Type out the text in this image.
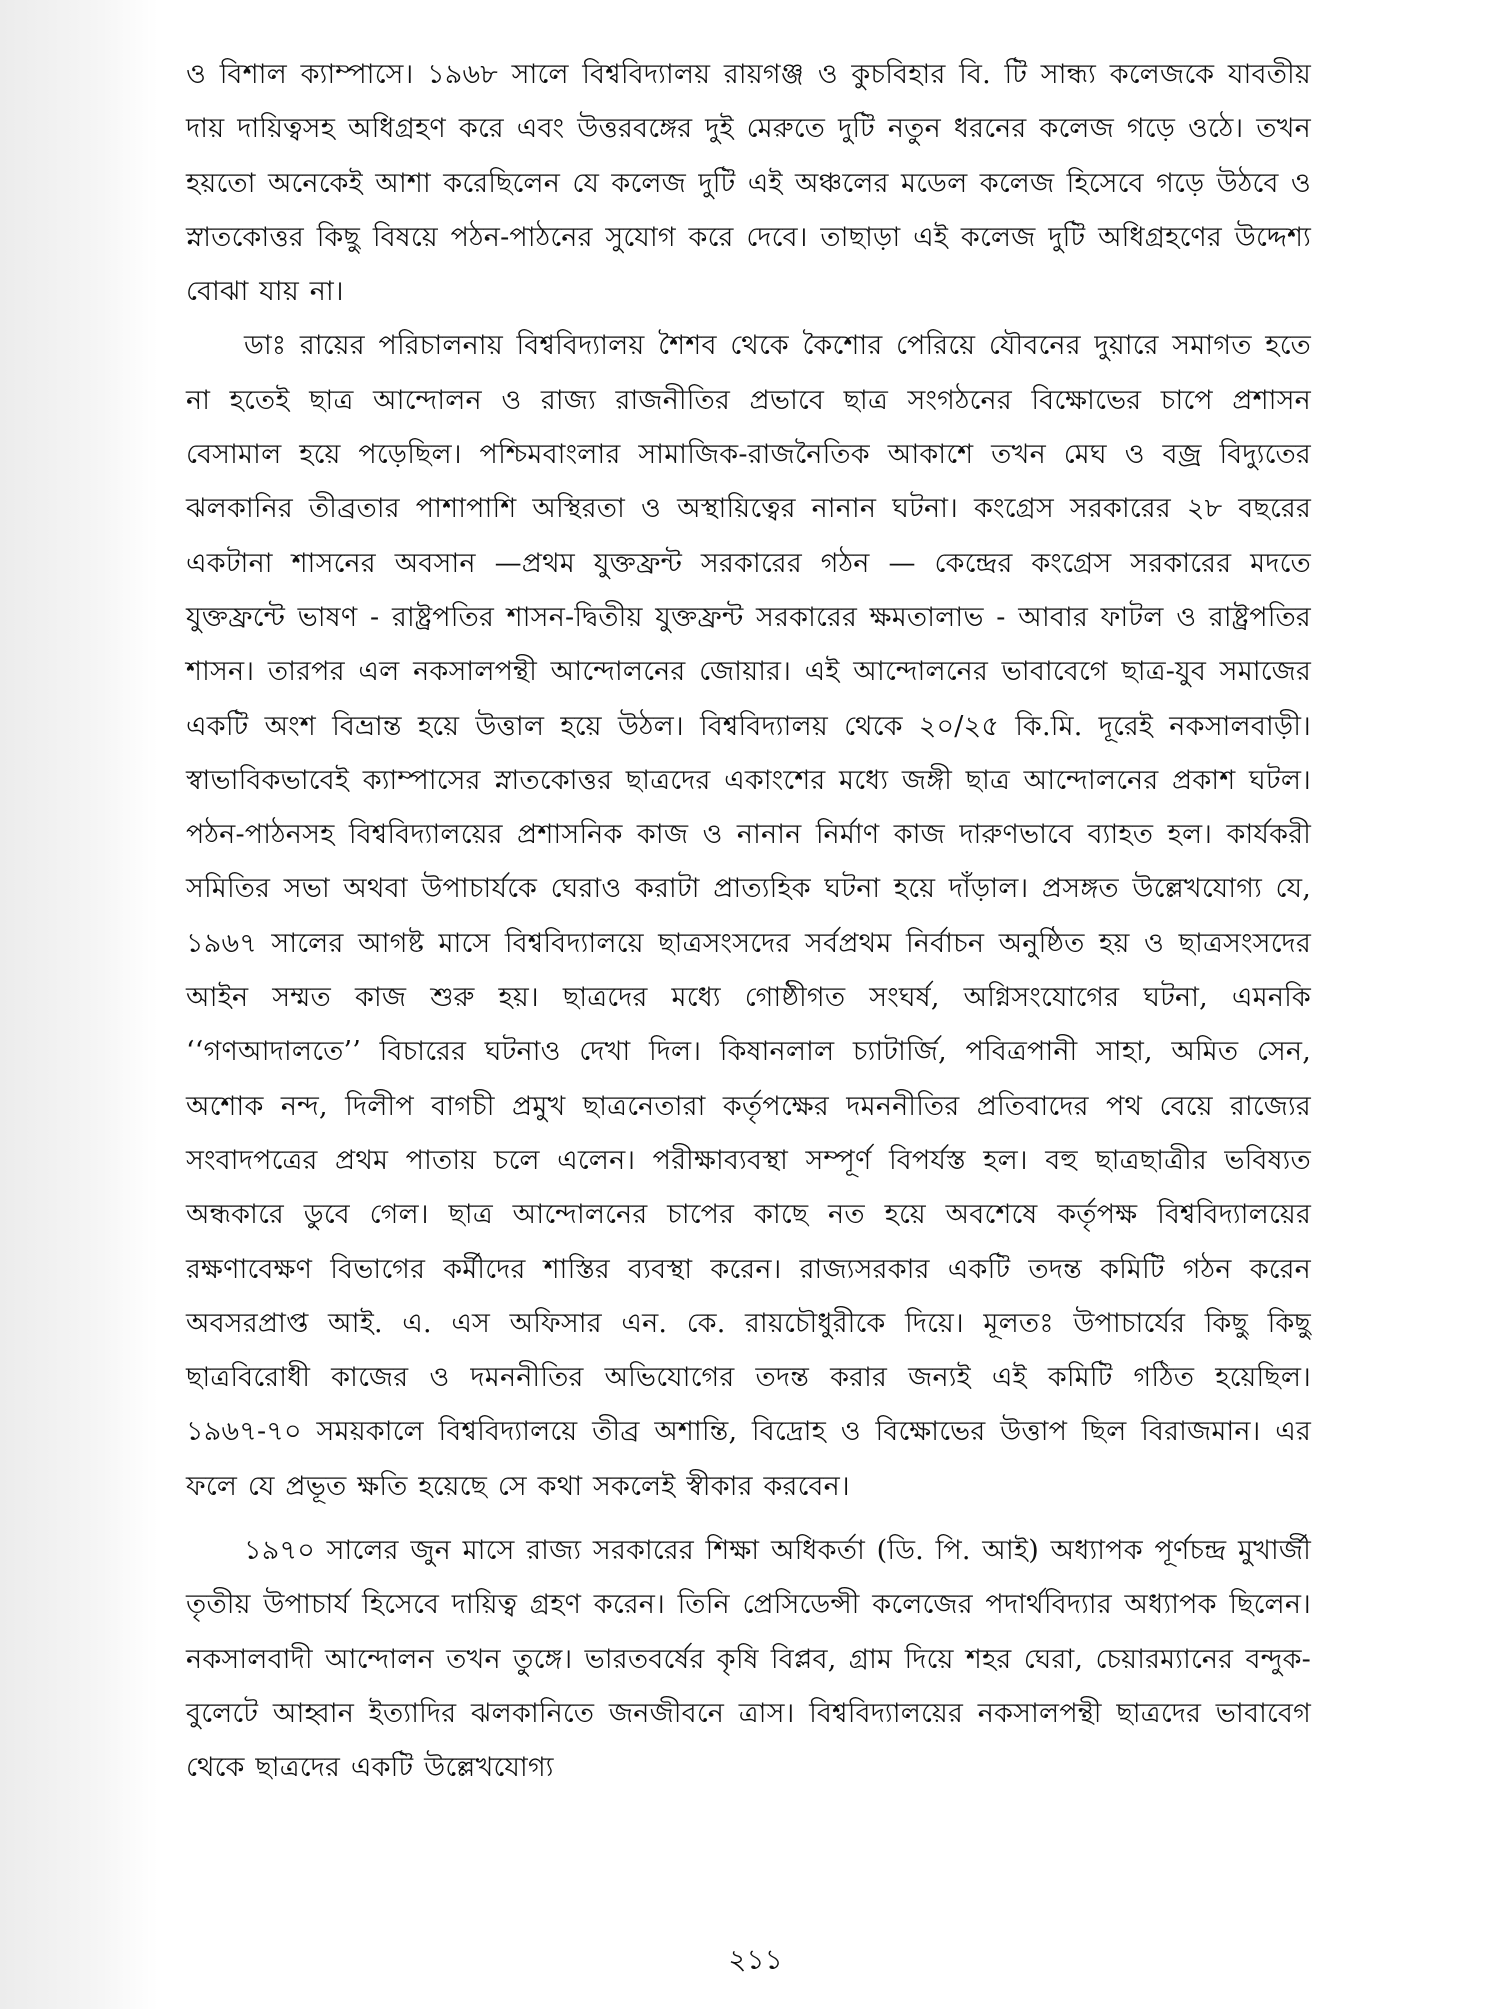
ও বিশাল ক্যাম্পাসে। ১৯৬৮ সালে বিশ্ববিদ্যালয় রায়গঞ্জ ও কুচবিহার বি. টি সান্ধ্য কলেজকে যাবতীয় দায় দায়িত্বসহ অধিগ্রহণ করে এবং উত্তরবঙ্গের দুই মেরুতে দুটি নতুন ধরনের কলেজ গড়ে ওঠে। তখন হয়তো অনেকেই আশা করেছিলেন যে কলেজ দুটি এই অঞ্চলের মডেল কলেজ হিসেবে গড়ে উঠবে ও স্নাতকোত্তর কিছু বিষয়ে পঠন-পাঠনের সুযোগ করে দেবে। তাছাড়া এই কলেজ দুটি অধিগ্রহণের উদ্দেশ্য বোঝা যায় না।

ডাঃ রায়ের পরিচালনায় বিশ্ববিদ্যালয় শৈশব থেকে কৈশোর পেরিয়ে যৌবনের দুয়ারে সমাগত হতে না হতেই ছাত্র আন্দোলন ও রাজ্য রাজনীতির প্রভাবে ছাত্র সংগঠনের বিক্ষোভের চাপে প্রশাসন বেসামাল হয়ে পড়েছিল। পশ্চিমবাংলার সামাজিক-রাজনৈতিক আকাশে তখন মেঘ ও বজ্র বিদ্যুতের ঝলকানির তীব্রতার পাশাপাশি অস্থিরতা ও অস্থায়িত্বের নানান ঘটনা। কংগ্রেস সরকারের ২৮ বছরের একটানা শাসনের অবসান —প্রথম যুক্তফ্রন্ট সরকারের গঠন — কেন্দ্রের কংগ্রেস সরকারের মদতে যুক্তফ্রন্টে ভাষণ - রাষ্ট্রপতির শাসন-দ্বিতীয় যুক্তফ্রন্ট সরকারের ক্ষমতালাভ - আবার ফাটল ও রাষ্ট্রপতির শাসন। তারপর এল নকসালপন্থী আন্দোলনের জোয়ার। এই আন্দোলনের ভাবাবেগে ছাত্র-যুব সমাজের একটি অংশ বিভ্রান্ত হয়ে উত্তাল হয়ে উঠল। বিশ্ববিদ্যালয় থেকে ২০/২৫ কি.মি. দূরেই নকসালবাড়ী। স্বাভাবিকভাবেই ক্যাম্পাসের স্নাতকোত্তর ছাত্রদের একাংশের মধ্যে জঙ্গী ছাত্র আন্দোলনের প্রকাশ ঘটল। পঠন-পাঠনসহ বিশ্ববিদ্যালয়ের প্রশাসনিক কাজ ও নানান নির্মাণ কাজ দারুণভাবে ব্যাহত হল। কার্যকরী সমিতির সভা অথবা উপাচার্যকে ঘেরাও করাটা প্রাত্যহিক ঘটনা হয়ে দাঁড়াল। প্রসঙ্গত উল্লেখযোগ্য যে, ১৯৬৭ সালের আগষ্ট মাসে বিশ্ববিদ্যালয়ে ছাত্রসংসদের সর্বপ্রথম নির্বাচন অনুষ্ঠিত হয় ও ছাত্রসংসদের আইন সম্মত কাজ শুরু হয়। ছাত্রদের মধ্যে গোষ্ঠীগত সংঘর্ষ, অগ্নিসংযোগের ঘটনা, এমনকি ‘‘গণআদালতে’’ বিচারের ঘটনাও দেখা দিল। কিষানলাল চ্যাটার্জি, পবিত্রপানী সাহা, অমিত সেন, অশোক নন্দ, দিলীপ বাগচী প্রমুখ ছাত্রনেতারা কর্তৃপক্ষের দমননীতির প্রতিবাদের পথ বেয়ে রাজ্যের সংবাদপত্রের প্রথম পাতায় চলে এলেন। পরীক্ষাব্যবস্থা সম্পূর্ণ বিপর্যস্ত হল। বহু ছাত্রছাত্রীর ভবিষ্যত অন্ধকারে ডুবে গেল। ছাত্র আন্দোলনের চাপের কাছে নত হয়ে অবশেষে কর্তৃপক্ষ বিশ্ববিদ্যালয়ের রক্ষণাবেক্ষণ বিভাগের কর্মীদের শাস্তির ব্যবস্থা করেন। রাজ্যসরকার একটি তদন্ত কমিটি গঠন করেন অবসরপ্রাপ্ত আই. এ. এস অফিসার এন. কে. রায়চৌধুরীকে দিয়ে। মূলতঃ উপাচার্যের কিছু কিছু ছাত্রবিরোধী কাজের ও দমননীতির অভিযোগের তদন্ত করার জন্যই এই কমিটি গঠিত হয়েছিল। ১৯৬৭-৭০ সময়কালে বিশ্ববিদ্যালয়ে তীব্র অশান্তি, বিদ্রোহ ও বিক্ষোভের উত্তাপ ছিল বিরাজমান। এর ফলে যে প্রভূত ক্ষতি হয়েছে সে কথা সকলেই স্বীকার করবেন।

১৯৭০ সালের জুন মাসে রাজ্য সরকারের শিক্ষা অধিকর্তা (ডি. পি. আই) অধ্যাপক পূর্ণচন্দ্র মুখার্জী তৃতীয় উপাচার্য হিসেবে দায়িত্ব গ্রহণ করেন। তিনি প্রেসিডেন্সী কলেজের পদার্থবিদ্যার অধ্যাপক ছিলেন। নকসালবাদী আন্দোলন তখন তুঙ্গে। ভারতবর্ষের কৃষি বিপ্লব, গ্রাম দিয়ে শহর ঘেরা, চেয়ারম্যানের বন্দুক-বুলেটে আহ্বান ইত্যাদির ঝলকানিতে জনজীবনে ত্রাস। বিশ্ববিদ্যালয়ের নকসালপন্থী ছাত্রদের ভাবাবেগ থেকে ছাত্রদের একটি উল্লেখযোগ্য

২১১
